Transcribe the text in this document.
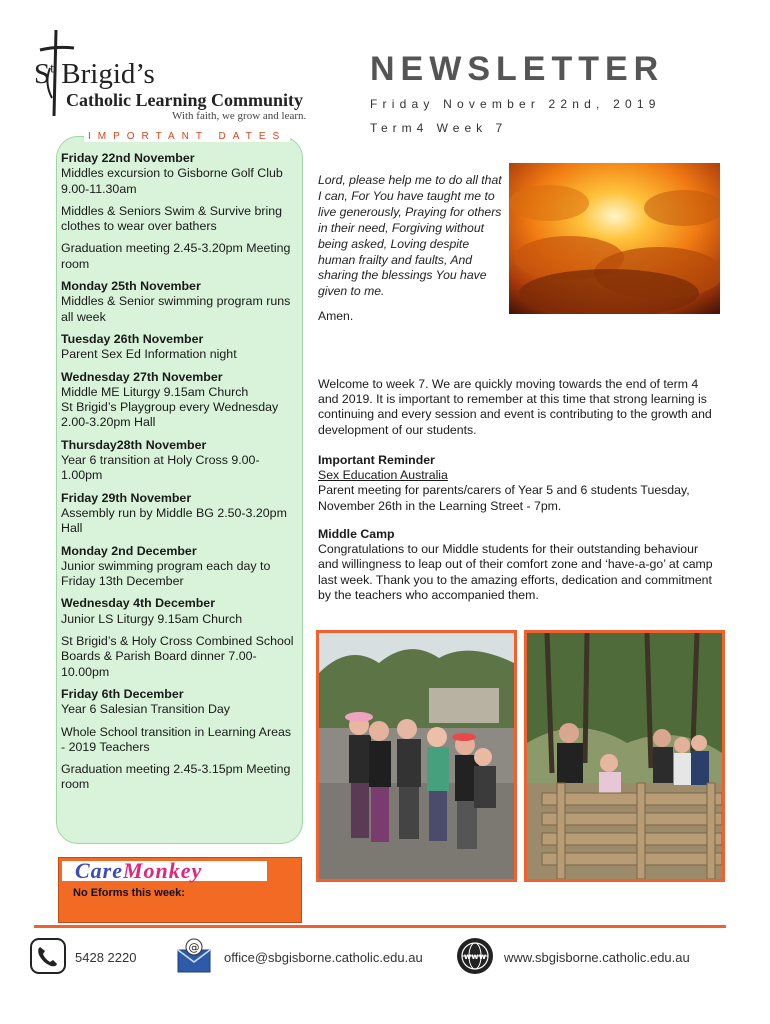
$S^t$ Brigid’s
Catholic Learning Community
With faith, we grow and learn.
NEWSLETTER
Friday November 22nd, 2019
Term4 Week 7
Friday 22nd November
Middles excursion to Gisborne Golf Club 9.00-11.30am
Middles & Seniors Swim & Survive bring clothes to wear over bathers
Graduation meeting 2.45-3.20pm Meeting room
Monday 25th November
Middles & Senior swimming program runs all week
Tuesday 26th November
Parent Sex Ed Information night
Wednesday 27th November
Middle ME Liturgy 9.15am Church
St Brigid’s Playgroup every Wednesday 2.00-3.20pm Hall
Thursday28th November
Year 6 transition at Holy Cross 9.00-1.00pm
Friday 29th November
Assembly run by Middle BG 2.50-3.20pm Hall
Monday 2nd December
Junior swimming program each day to Friday 13th December
Wednesday 4th December
Junior LS Liturgy 9.15am Church
St Brigid’s & Holy Cross Combined School Boards & Parish Board dinner 7.00-10.00pm
Friday 6th December
Year 6 Salesian Transition Day
Whole School transition in Learning Areas - 2019 Teachers
Graduation meeting 2.45-3.15pm Meeting room
IMPORTANT DATES
Lord, please help me to do all that I can, For You have taught me to live generously, Praying for others in their need, Forgiving without being asked, Loving despite human frailty and faults, And sharing the blessings You have given to me.
Amen.
Welcome to week 7. We are quickly moving towards the end of term 4 and 2019. It is important to remember at this time that strong learning is continuing and every session and event is contributing to the growth and development of our students.
Important Reminder
Sex Education Australia
Parent meeting for parents/carers of Year 5 and 6 students Tuesday, November 26th in the Learning Street - 7pm.
Middle Camp
Congratulations to our Middle students for their outstanding behaviour and willingness to leap out of their comfort zone and ‘have-a-go’ at camp last week. Thank you to the amazing efforts, dedication and commitment by the teachers who accompanied them.
CareMonkey
No Eforms this week:
5428 2220
@
office@sbgisborne.catholic.edu.au	www www.sbgisborne.catholic.edu.au
